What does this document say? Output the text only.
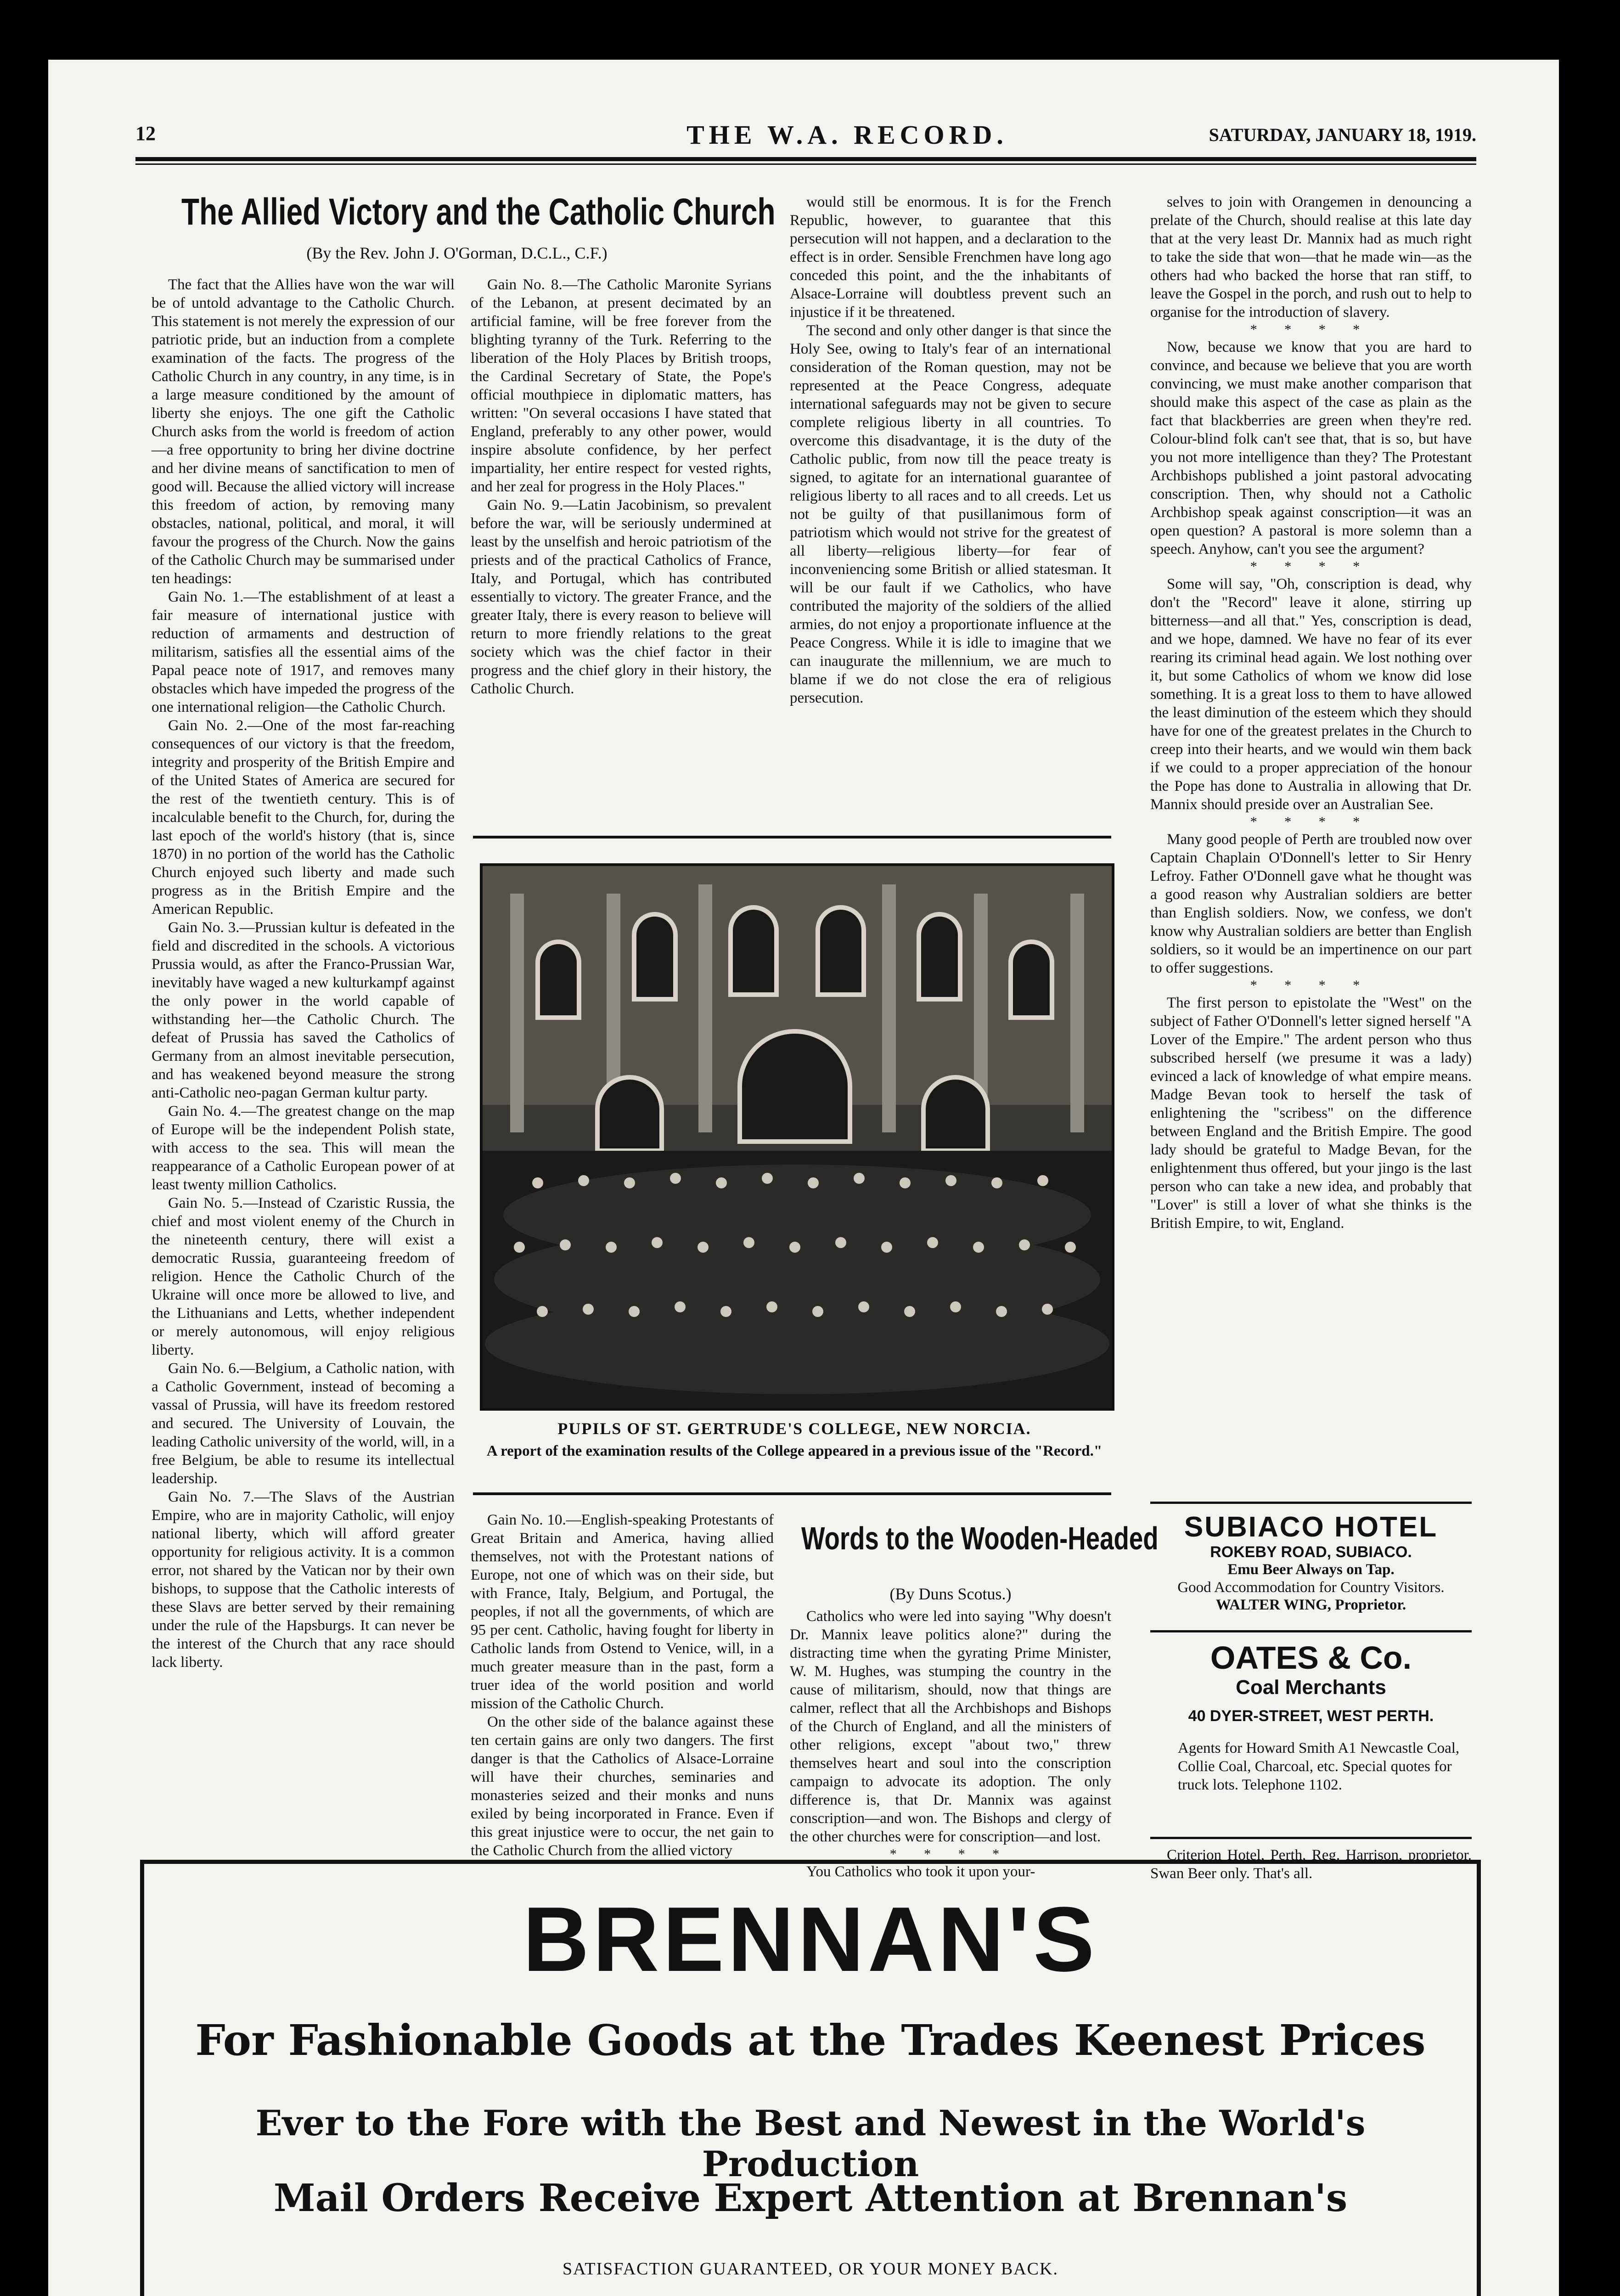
12	THE W.A. RECORD.	SATURDAY, JANUARY 18, 1919.
The Allied Victory and the Catholic Church
(By the Rev. John J. O'Gorman, D.C.L., C.F.)

The fact that the Allies have won the war will be of untold advantage to the Catholic Church. This statement is not merely the expression of our patriotic pride, but an induction from a complete examination of the facts. The progress of the Catholic Church in any country, in any time, is in a large measure conditioned by the amount of liberty she enjoys. The one gift the Catholic Church asks from the world is freedom of action—a free opportunity to bring her divine doctrine and her divine means of sanctification to men of good will. Because the allied victory will increase this freedom of action, by removing many obstacles, national, political, and moral, it will favour the progress of the Church. Now the gains of the Catholic Church may be summarised under ten headings:

Gain No. 1.—The establishment of at least a fair measure of international justice with reduction of armaments and destruction of militarism, satisfies all the essential aims of the Papal peace note of 1917, and removes many obstacles which have impeded the progress of the one international religion—the Catholic Church.

Gain No. 2.—One of the most far-reaching consequences of our victory is that the freedom, integrity and prosperity of the British Empire and of the United States of America are secured for the rest of the twentieth century. This is of incalculable benefit to the Church, for, during the last epoch of the world's history (that is, since 1870) in no portion of the world has the Catholic Church enjoyed such liberty and made such progress as in the British Empire and the American Republic.

Gain No. 3.—Prussian kultur is defeated in the field and discredited in the schools. A victorious Prussia would, as after the Franco-Prussian War, inevitably have waged a new kulturkampf against the only power in the world capable of withstanding her—the Catholic Church. The defeat of Prussia has saved the Catholics of Germany from an almost inevitable persecution, and has weakened beyond measure the strong anti-Catholic neo-pagan German kultur party.

Gain No. 4.—The greatest change on the map of Europe will be the independent Polish state, with access to the sea. This will mean the reappearance of a Catholic European power of at least twenty million Catholics.

Gain No. 5.—Instead of Czaristic Russia, the chief and most violent enemy of the Church in the nineteenth century, there will exist a democratic Russia, guaranteeing freedom of religion. Hence the Catholic Church of the Ukraine will once more be allowed to live, and the Lithuanians and Letts, whether independent or merely autonomous, will enjoy religious liberty.

Gain No. 6.—Belgium, a Catholic nation, with a Catholic Government, instead of becoming a vassal of Prussia, will have its freedom restored and secured. The University of Louvain, the leading Catholic university of the world, will, in a free Belgium, be able to resume its intellectual leadership.

Gain No. 7.—The Slavs of the Austrian Empire, who are in majority Catholic, will enjoy national liberty, which will afford greater opportunity for religious activity. It is a common error, not shared by the Vatican nor by their own bishops, to suppose that the Catholic interests of these Slavs are better served by their remaining under the rule of the Hapsburgs. It can never be the interest of the Church that any race should lack liberty.

Gain No. 8.—The Catholic Maronite Syrians of the Lebanon, at present decimated by an artificial famine, will be free forever from the blighting tyranny of the Turk. Referring to the liberation of the Holy Places by British troops, the Cardinal Secretary of State, the Pope's official mouthpiece in diplomatic matters, has written: "On several occasions I have stated that England, preferably to any other power, would inspire absolute confidence, by her perfect impartiality, her entire respect for vested rights, and her zeal for progress in the Holy Places."

Gain No. 9.—Latin Jacobinism, so prevalent before the war, will be seriously undermined at least by the unselfish and heroic patriotism of the priests and of the practical Catholics of France, Italy, and Portugal, which has contributed essentially to victory. The greater France, and the greater Italy, there is every reason to believe will return to more friendly relations to the great society which was the chief factor in their progress and the chief glory in their history, the Catholic Church.

would still be enormous. It is for the French Republic, however, to guarantee that this persecution will not happen, and a declaration to the effect is in order. Sensible Frenchmen have long ago conceded this point, and the the inhabitants of Alsace-Lorraine will doubtless prevent such an injustice if it be threatened.

The second and only other danger is that since the Holy See, owing to Italy's fear of an international consideration of the Roman question, may not be represented at the Peace Congress, adequate international safeguards may not be given to secure complete religious liberty in all countries. To overcome this disadvantage, it is the duty of the Catholic public, from now till the peace treaty is signed, to agitate for an international guarantee of religious liberty to all races and to all creeds. Let us not be guilty of that pusillanimous form of patriotism which would not strive for the greatest of all liberty—religious liberty—for fear of inconveniencing some British or allied statesman. It will be our fault if we Catholics, who have contributed the majority of the soldiers of the allied armies, do not enjoy a proportionate influence at the Peace Congress. While it is idle to imagine that we can inaugurate the millennium, we are much to blame if we do not close the era of religious persecution.

PUPILS OF ST. GERTRUDE'S COLLEGE, NEW NORCIA.
A report of the examination results of the College appeared in a previous issue of the "Record."

Gain No. 10.—English-speaking Protestants of Great Britain and America, having allied themselves, not with the Protestant nations of Europe, not one of which was on their side, but with France, Italy, Belgium, and Portugal, the peoples, if not all the governments, of which are 95 per cent. Catholic, having fought for liberty in Catholic lands from Ostend to Venice, will, in a much greater measure than in the past, form a truer idea of the world position and world mission of the Catholic Church.

On the other side of the balance against these ten certain gains are only two dangers. The first danger is that the Catholics of Alsace-Lorraine will have their churches, seminaries and monasteries seized and their monks and nuns exiled by being incorporated in France. Even if this great injustice were to occur, the net gain to the Catholic Church from the allied victory

Words to the Wooden-Headed
(By Duns Scotus.)

Catholics who were led into saying "Why doesn't Dr. Mannix leave politics alone?" during the distracting time when the gyrating Prime Minister, W. M. Hughes, was stumping the country in the cause of militarism, should, now that things are calmer, reflect that all the Archbishops and Bishops of the Church of England, and all the ministers of other religions, except "about two," threw themselves heart and soul into the conscription campaign to advocate its adoption. The only difference is, that Dr. Mannix was against conscription—and won. The Bishops and clergy of the other churches were for conscription—and lost.

* * * *

You Catholics who took it upon your-

selves to join with Orangemen in denouncing a prelate of the Church, should realise at this late day that at the very least Dr. Mannix had as much right to take the side that won—that he made win—as the others had who backed the horse that ran stiff, to leave the Gospel in the porch, and rush out to help to organise for the introduction of slavery.

* * * *

Now, because we know that you are hard to convince, and because we believe that you are worth convincing, we must make another comparison that should make this aspect of the case as plain as the fact that blackberries are green when they're red. Colour-blind folk can't see that, that is so, but have you not more intelligence than they? The Protestant Archbishops published a joint pastoral advocating conscription. Then, why should not a Catholic Archbishop speak against conscription—it was an open question? A pastoral is more solemn than a speech. Anyhow, can't you see the argument?

* * * *

Some will say, "Oh, conscription is dead, why don't the "Record" leave it alone, stirring up bitterness—and all that." Yes, conscription is dead, and we hope, damned. We have no fear of its ever rearing its criminal head again. We lost nothing over it, but some Catholics of whom we know did lose something. It is a great loss to them to have allowed the least diminution of the esteem which they should have for one of the greatest prelates in the Church to creep into their hearts, and we would win them back if we could to a proper appreciation of the honour the Pope has done to Australia in allowing that Dr. Mannix should preside over an Australian See.

* * * *

Many good people of Perth are troubled now over Captain Chaplain O'Donnell's letter to Sir Henry Lefroy. Father O'Donnell gave what he thought was a good reason why Australian soldiers are better than English soldiers. Now, we confess, we don't know why Australian soldiers are better than English soldiers, so it would be an impertinence on our part to offer suggestions.

* * * *

The first person to epistolate the "West" on the subject of Father O'Donnell's letter signed herself "A Lover of the Empire." The ardent person who thus subscribed herself (we presume it was a lady) evinced a lack of knowledge of what empire means. Madge Bevan took to herself the task of enlightening the "scribess" on the difference between England and the British Empire. The good lady should be grateful to Madge Bevan, for the enlightenment thus offered, but your jingo is the last person who can take a new idea, and probably that "Lover" is still a lover of what she thinks is the British Empire, to wit, England.

SUBIACO HOTEL
ROKEBY ROAD, SUBIACO.
Emu Beer Always on Tap.
Good Accommodation for Country Visitors.
WALTER WING, Proprietor.
OATES & Co.
Coal Merchants
40 DYER-STREET, WEST PERTH.
Agents for Howard Smith A1 Newcastle Coal, Collie Coal, Charcoal, etc. Special quotes for truck lots. Telephone 1102.
Criterion Hotel, Perth, Reg. Harrison, proprietor. Swan Beer only. That's all.
BRENNAN'S
For Fashionable Goods at the Trades Keenest Prices
Ever to the Fore with the Best and Newest in the World's Production
Mail Orders Receive Expert Attention at Brennan's
SATISFACTION GUARANTEED, OR YOUR MONEY BACK.
